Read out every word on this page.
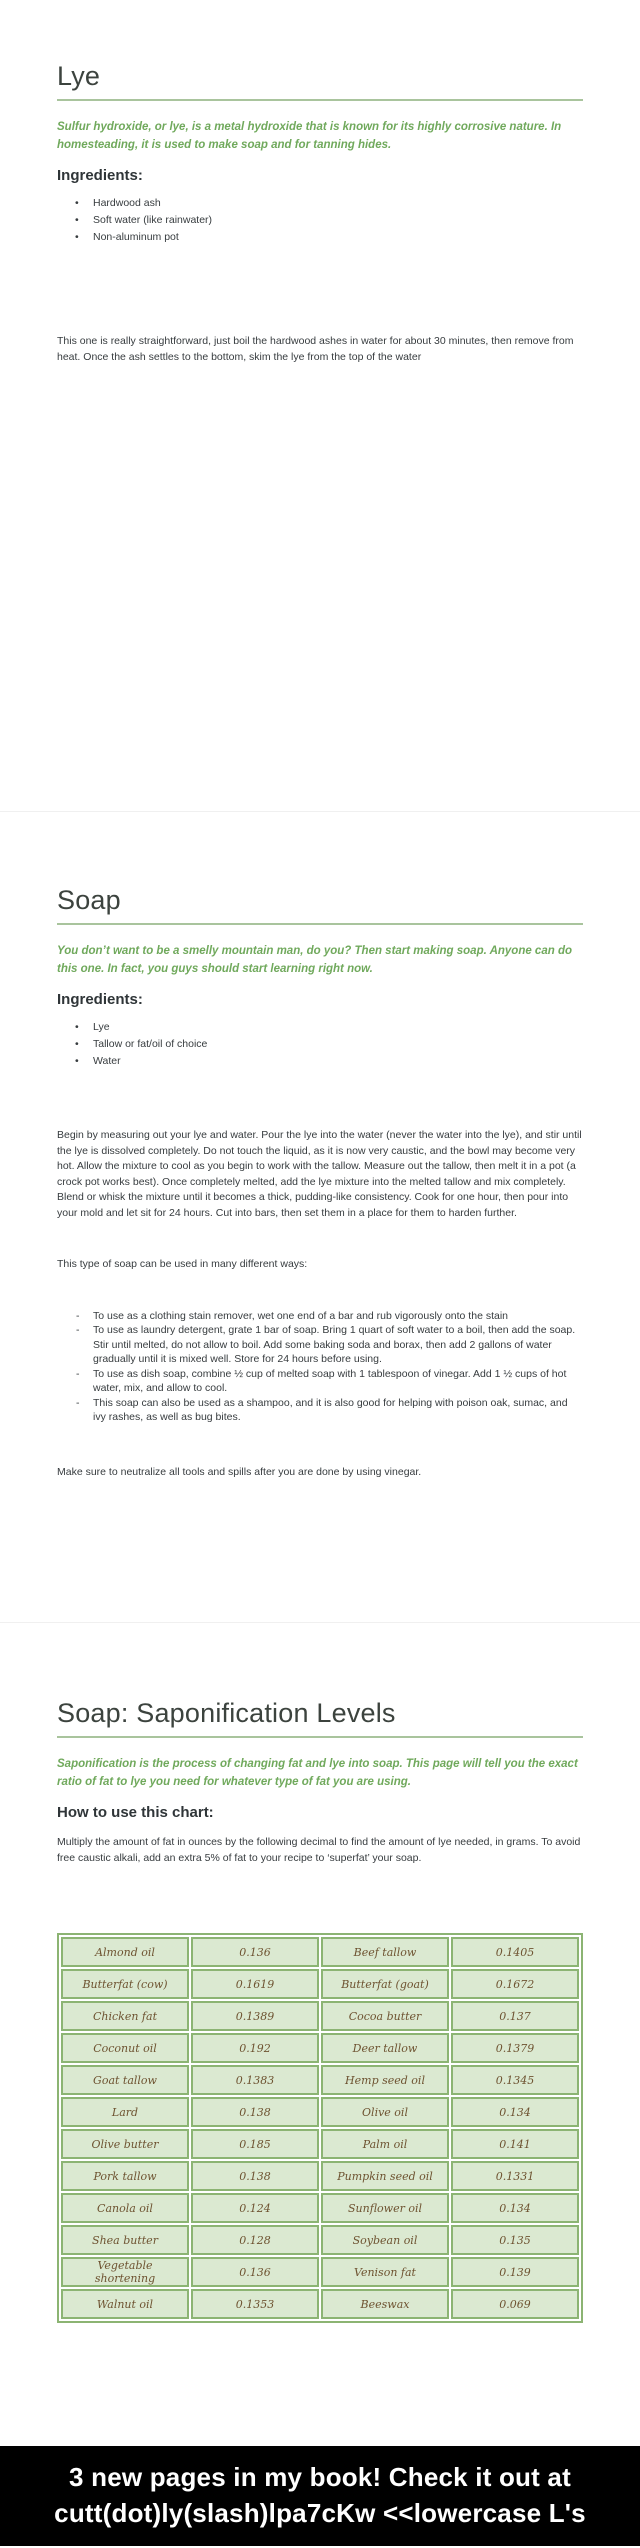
Lye

Sulfur hydroxide, or lye, is a metal hydroxide that is known for its highly corrosive nature. In homesteading, it is used to make soap and for tanning hides.

Ingredients:
• Hardwood ash
• Soft water (like rainwater)
• Non-aluminum pot

This one is really straightforward, just boil the hardwood ashes in water for about 30 minutes, then remove from heat. Once the ash settles to the bottom, skim the lye from the top of the water

Soap

You don’t want to be a smelly mountain man, do you? Then start making soap. Anyone can do this one. In fact, you guys should start learning right now.

Ingredients:
• Lye
• Tallow or fat/oil of choice
• Water

Begin by measuring out your lye and water. Pour the lye into the water (never the water into the lye), and stir until the lye is dissolved completely. Do not touch the liquid, as it is now very caustic, and the bowl may become very hot. Allow the mixture to cool as you begin to work with the tallow. Measure out the tallow, then melt it in a pot (a crock pot works best). Once completely melted, add the lye mixture into the melted tallow and mix completely. Blend or whisk the mixture until it becomes a thick, pudding-like consistency. Cook for one hour, then pour into your mold and let sit for 24 hours. Cut into bars, then set them in a place for them to harden further.

This type of soap can be used in many different ways:

- To use as a clothing stain remover, wet one end of a bar and rub vigorously onto the stain
- To use as laundry detergent, grate 1 bar of soap. Bring 1 quart of soft water to a boil, then add the soap. Stir until melted, do not allow to boil. Add some baking soda and borax, then add 2 gallons of water gradually until it is mixed well. Store for 24 hours before using.
- To use as dish soap, combine ½ cup of melted soap with 1 tablespoon of vinegar. Add 1 ½ cups of hot water, mix, and allow to cool.
- This soap can also be used as a shampoo, and it is also good for helping with poison oak, sumac, and ivy rashes, as well as bug bites.

Make sure to neutralize all tools and spills after you are done by using vinegar.

Soap: Saponification Levels

Saponification is the process of changing fat and lye into soap. This page will tell you the exact ratio of fat to lye you need for whatever type of fat you are using.

How to use this chart:

Multiply the amount of fat in ounces by the following decimal to find the amount of lye needed, in grams. To avoid free caustic alkali, add an extra 5% of fat to your recipe to ‘superfat’ your soap.

Almond oil	0.136	Beef tallow	0.1405
Butterfat (cow)	0.1619	Butterfat (goat)	0.1672
Chicken fat	0.1389	Cocoa butter	0.137
Coconut oil	0.192	Deer tallow	0.1379
Goat tallow	0.1383	Hemp seed oil	0.1345
Lard	0.138	Olive oil	0.134
Olive butter	0.185	Palm oil	0.141
Pork tallow	0.138	Pumpkin seed oil	0.1331
Canola oil	0.124	Sunflower oil	0.134
Shea butter	0.128	Soybean oil	0.135
Vegetable shortening	0.136	Venison fat	0.139
Walnut oil	0.1353	Beeswax	0.069
3 new pages in my book! Check it out at
cutt(dot)ly(slash)lpa7cKw <<lowercase L's
